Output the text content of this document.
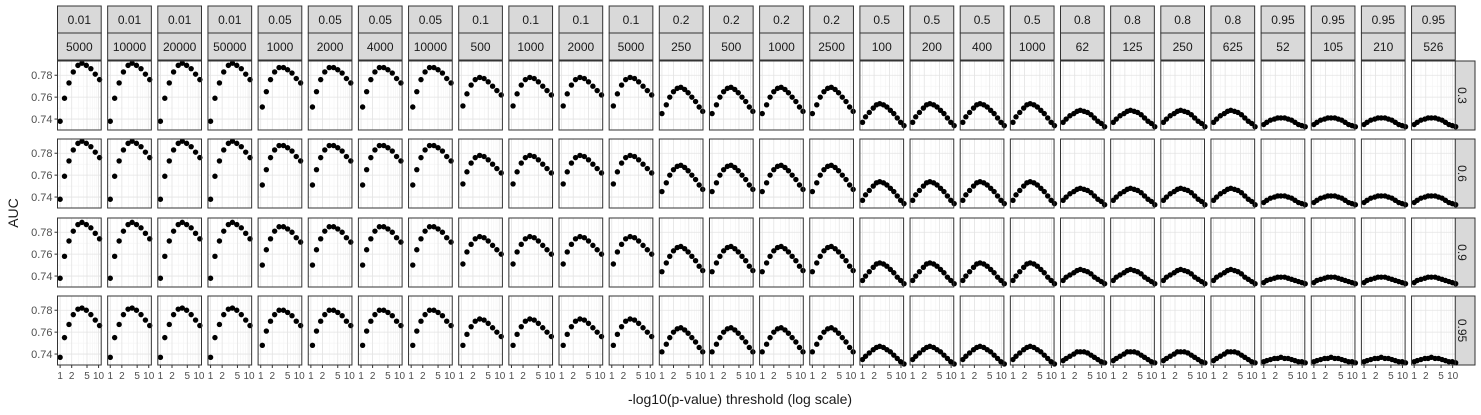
0.01
5000
0.01
10000
0.01
20000
0.01
50000
0.05
1000
0.05
2000
0.05
4000
0.05
10000
0.1
500
0.1
1000
0.1
2000
0.1
5000
0.2
250
0.2
500
0.2
1000
0.2
2500
0.5
100
0.5
200
0.5
400
0.5
1000
0.8
62
0.8
125
0.8
250
0.8
625
0.95
52
0.95
105
0.95
210
0.95
526
0.3
0.6
0.9
0.95
0.74
0.76
0.78
0.74
0.76
0.78
0.74
0.76
0.78
0.74
0.76
0.78
1 2 5 10 1 2 5 10 1 2 5 10 1 2 5 10 1 2 5 10 1 2 5 10 1 2 5 10 1 2 5 10 1 2 5 10 1 2 5 10 1 2 5 10 1 2 5 10 1 2 5 10 1 2 5 10 1 2 5 10 1 2 5 10 1 2 5 10 1 2 5 10 1 2 5 10 1 2 5 10 1 2 5 10 1 2 5 10 1 2 5 10 1 2 5 10 1 2 5 10 1 2 5 10 1 2 5 10 1 2 5 10
-log10(p-value) threshold (log scale)
AUC
